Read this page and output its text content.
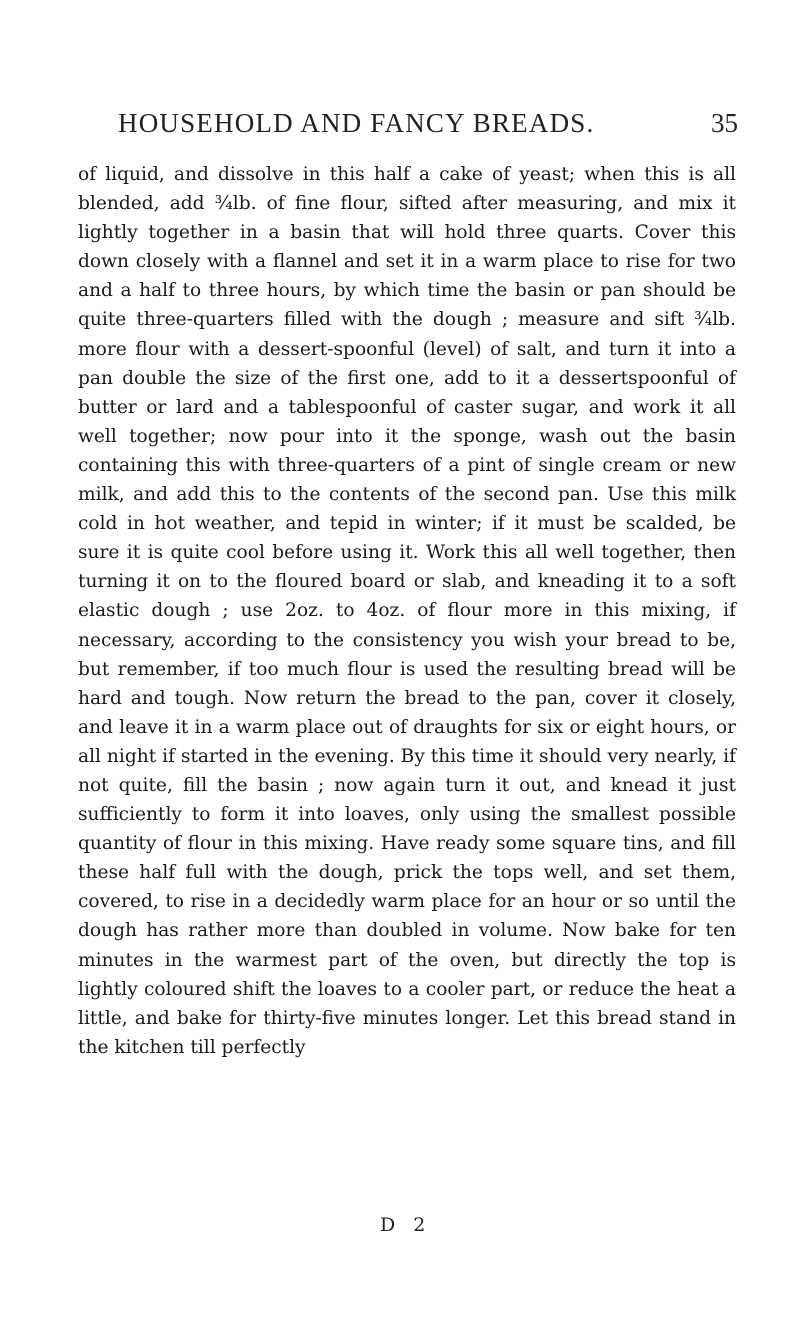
HOUSEHOLD AND FANCY BREADS.	35

of liquid, and dissolve in this half a cake of yeast; when this is all blended, add ¾lb. of fine flour, sifted after measuring, and mix it lightly together in a basin that will hold three quarts. Cover this down closely with a flannel and set it in a warm place to rise for two and a half to three hours, by which time the basin or pan should be quite three-quarters filled with the dough ; measure and sift ¾lb. more flour with a dessert-spoonful (level) of salt, and turn it into a pan double the size of the first one, add to it a dessertspoonful of butter or lard and a tablespoonful of caster sugar, and work it all well together; now pour into it the sponge, wash out the basin containing this with three-quarters of a pint of single cream or new milk, and add this to the contents of the second pan. Use this milk cold in hot weather, and tepid in winter; if it must be scalded, be sure it is quite cool before using it. Work this all well together, then turning it on to the floured board or slab, and kneading it to a soft elastic dough ; use 2oz. to 4oz. of flour more in this mixing, if necessary, according to the consistency you wish your bread to be, but remember, if too much flour is used the resulting bread will be hard and tough. Now return the bread to the pan, cover it closely, and leave it in a warm place out of draughts for six or eight hours, or all night if started in the evening. By this time it should very nearly, if not quite, fill the basin ; now again turn it out, and knead it just sufficiently to form it into loaves, only using the smallest possible quantity of flour in this mixing. Have ready some square tins, and fill these half full with the dough, prick the tops well, and set them, covered, to rise in a decidedly warm place for an hour or so until the dough has rather more than doubled in volume. Now bake for ten minutes in the warmest part of the oven, but directly the top is lightly coloured shift the loaves to a cooler part, or reduce the heat a little, and bake for thirty-five minutes longer. Let this bread stand in the kitchen till perfectly

D 2
